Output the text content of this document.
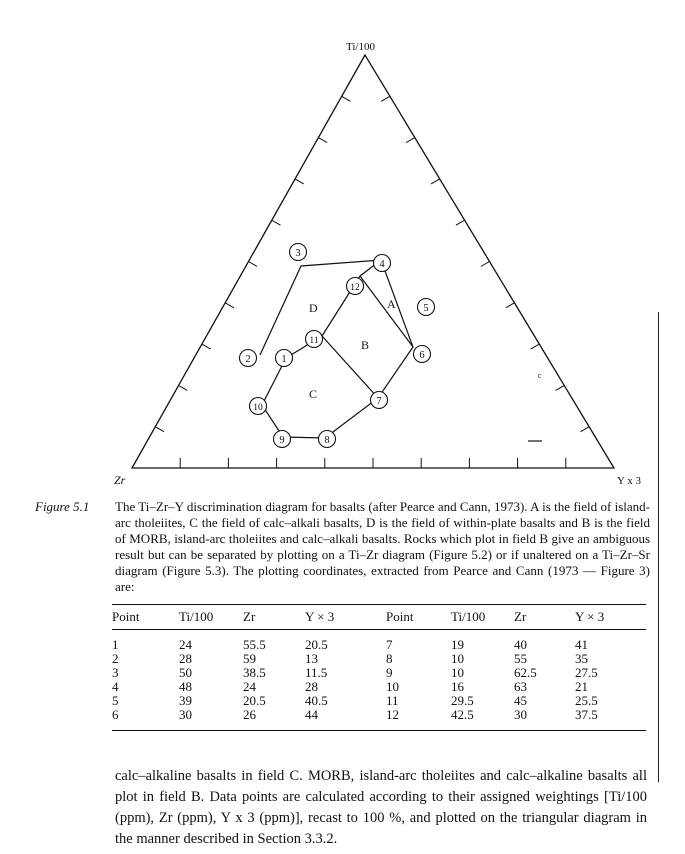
1
2
3
4
5
6
7
8
9
10
11
12
Ti/100
Zr	Y x 3
D	A
B
C
c
Figure 5.1	The Ti–Zr–Y discrimination diagram for basalts (after Pearce and Cann, 1973). A is the field of island-arc tholeiites, C the field of calc–alkali basalts, D is the field of within-plate basalts and B is the field of MORB, island-arc tholeiites and calc–alkali basalts. Rocks which plot in field B give an ambiguous result but can be separated by plotting on a Ti–Zr diagram (Figure 5.2) or if unaltered on a Ti–Zr–Sr diagram (Figure 5.3). The plotting coordinates, extracted from Pearce and Cann (1973 — Figure 3) are:
Point	Ti/100	Zr	Y × 3	Point	Ti/100	Zr	Y × 3
1	24	55.5	20.5	7	19	40	41
2	28	59	13	8	10	55	35
3	50	38.5	11.5	9	10	62.5	27.5
4	48	24	28	10	16	63	21
5	39	20.5	40.5	11	29.5	45	25.5
6	30	26	44	12	42.5	30	37.5
calc–alkaline basalts in field C. MORB, island-arc tholeiites and calc–alkaline basalts all plot in field B. Data points are calculated according to their assigned weightings [Ti/100 (ppm), Zr (ppm), Y x 3 (ppm)], recast to 100 %, and plotted on the triangular diagram in the manner described in Section 3.3.2.
